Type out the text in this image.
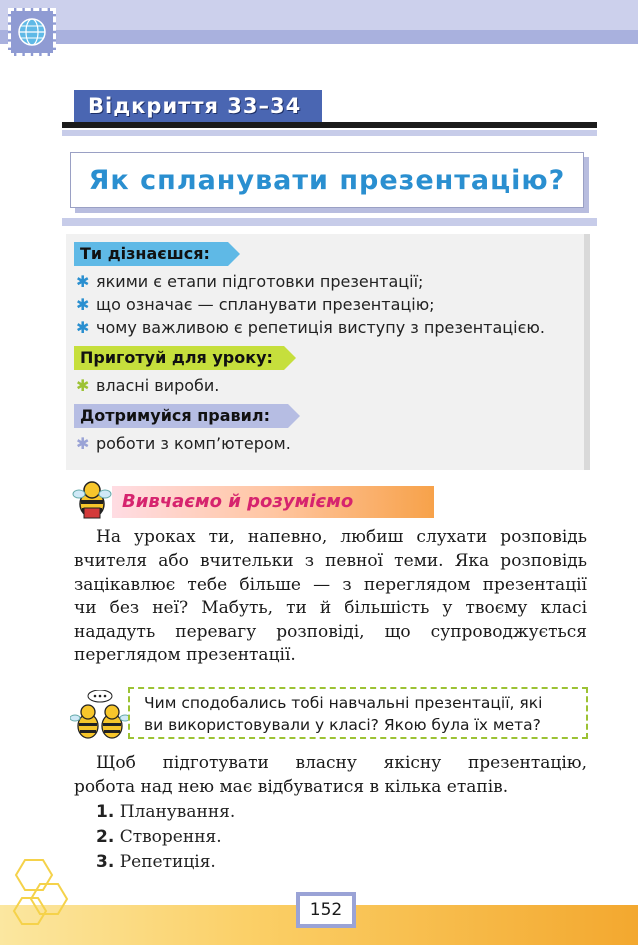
Відкриття 33–34
Як спланувати презентацію?
Ти дізнаєшся:
✱ якими є етапи підготовки презентації;
✱ що означає — спланувати презентацію;
✱ чому важливою є репетиція виступу з презентацією.
Приготуй для уроку:
✱ власні вироби.
Дотримуйся правил:
✱ роботи з комп’ютером.
Вивчаємо й розуміємо
На уроках ти, напевно, любиш слухати розповідь
вчителя або вчительки з певної теми. Яка розповідь
зацікавлює тебе більше — з переглядом презентації
чи без неї? Мабуть, ти й більшість у твоєму класі
нададуть перевагу розповіді, що супроводжується
переглядом презентації.
Чим сподобались тобі навчальні презентації, які
ви використовували у класі? Якою була їх мета?
Щоб підготувати власну якісну презентацію,
робота над нею має відбуватися в кілька етапів.
1. Планування.
2. Створення.
3. Репетиція.
152
